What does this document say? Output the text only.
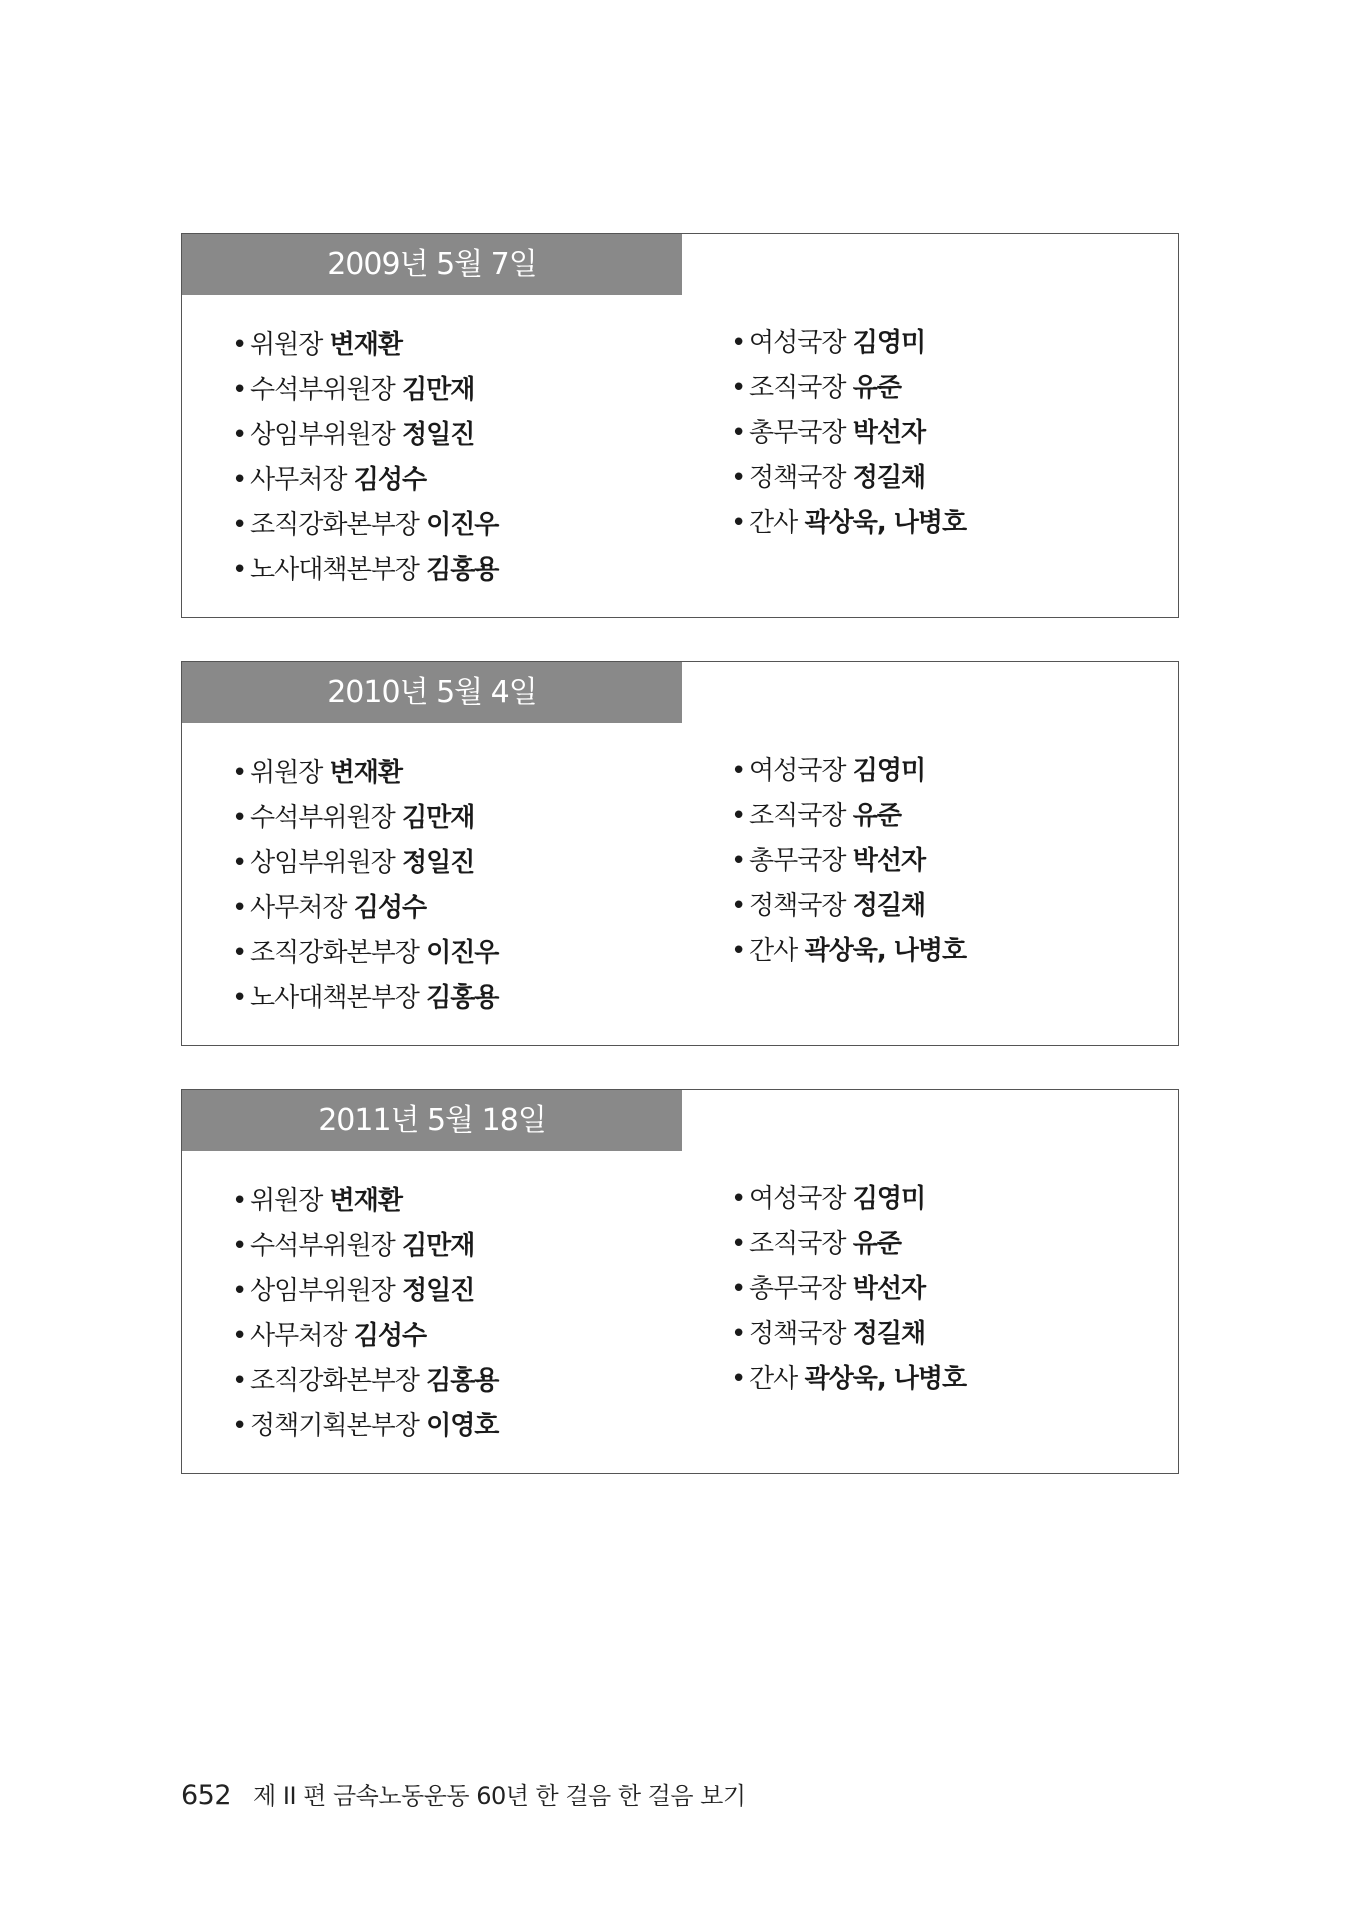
2009년 5월 7일
• 위원장 변재환
• 수석부위원장 김만재
• 상임부위원장 정일진
• 사무처장 김성수
• 조직강화본부장 이진우
• 노사대책본부장 김홍용
• 여성국장 김영미
• 조직국장 유준
• 총무국장 박선자
• 정책국장 정길채
• 간사 곽상욱, 나병호
2010년 5월 4일
• 위원장 변재환
• 수석부위원장 김만재
• 상임부위원장 정일진
• 사무처장 김성수
• 조직강화본부장 이진우
• 노사대책본부장 김홍용
• 여성국장 김영미
• 조직국장 유준
• 총무국장 박선자
• 정책국장 정길채
• 간사 곽상욱, 나병호
2011년 5월 18일
• 위원장 변재환
• 수석부위원장 김만재
• 상임부위원장 정일진
• 사무처장 김성수
• 조직강화본부장 김홍용
• 정책기획본부장 이영호
• 여성국장 김영미
• 조직국장 유준
• 총무국장 박선자
• 정책국장 정길채
• 간사 곽상욱, 나병호
652 제 II 편 금속노동운동 60년 한 걸음 한 걸음 보기
